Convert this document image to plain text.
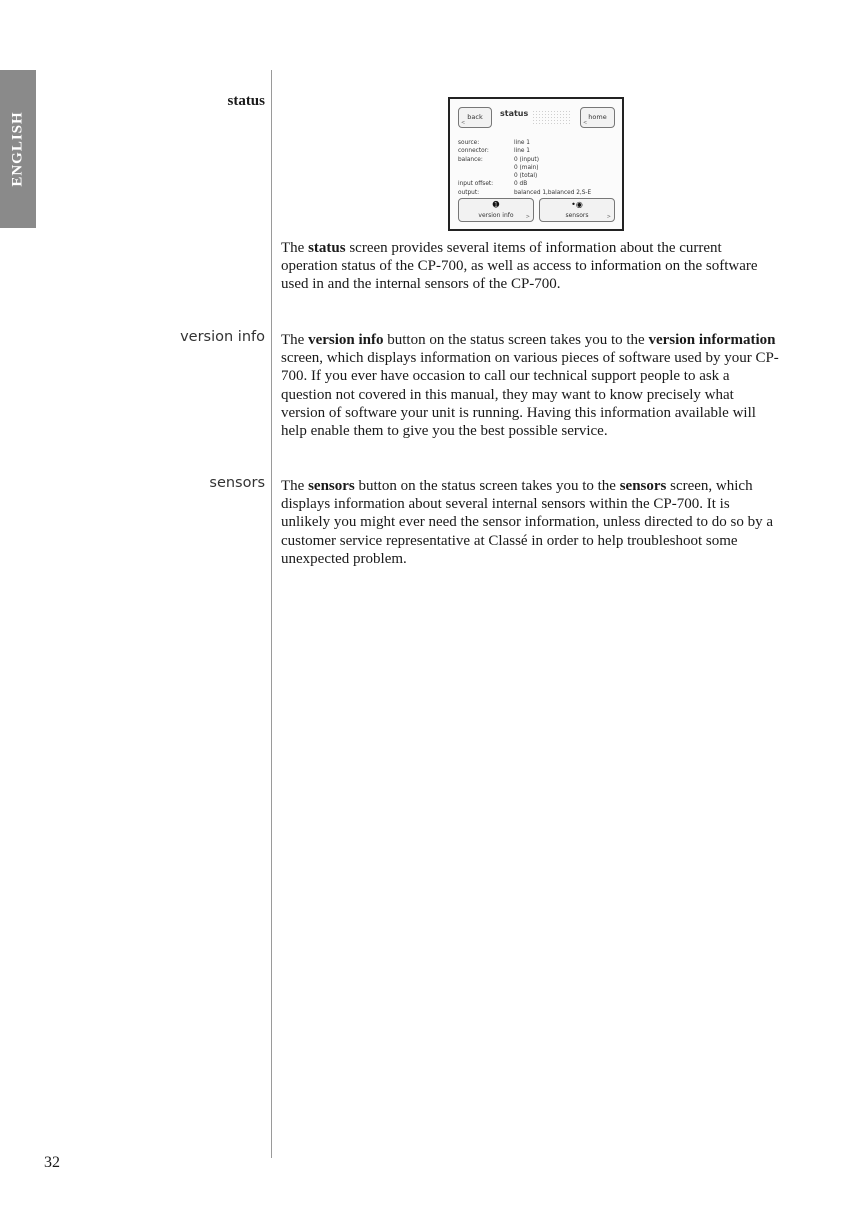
ENGLISH
status
back
<
status	home
<
source:	line 1
connector:	line 1
balance:	0 (input)
0 (main)
0 (total)
input offset:	0 dB
output:	balanced 1,balanced 2,S-E
➊
version info	>
•◉
sensors	>

The status screen provides several items of information about the current operation status of the CP-700, as well as access to information on the software used in and the internal sensors of the CP-700.

version info The version info button on the status screen takes you to the version information screen, which displays information on various pieces of software used by your CP-700. If you ever have occasion to call our technical support people to ask a question not covered in this manual, they may want to know precisely what version of software your unit is running. Having this information available will help enable them to give you the best possible service.

sensors The sensors button on the status screen takes you to the sensors screen, which displays information about several internal sensors within the CP-700. It is unlikely you might ever need the sensor information, unless directed to do so by a customer service representative at Classé in order to help troubleshoot some unexpected problem.

32
